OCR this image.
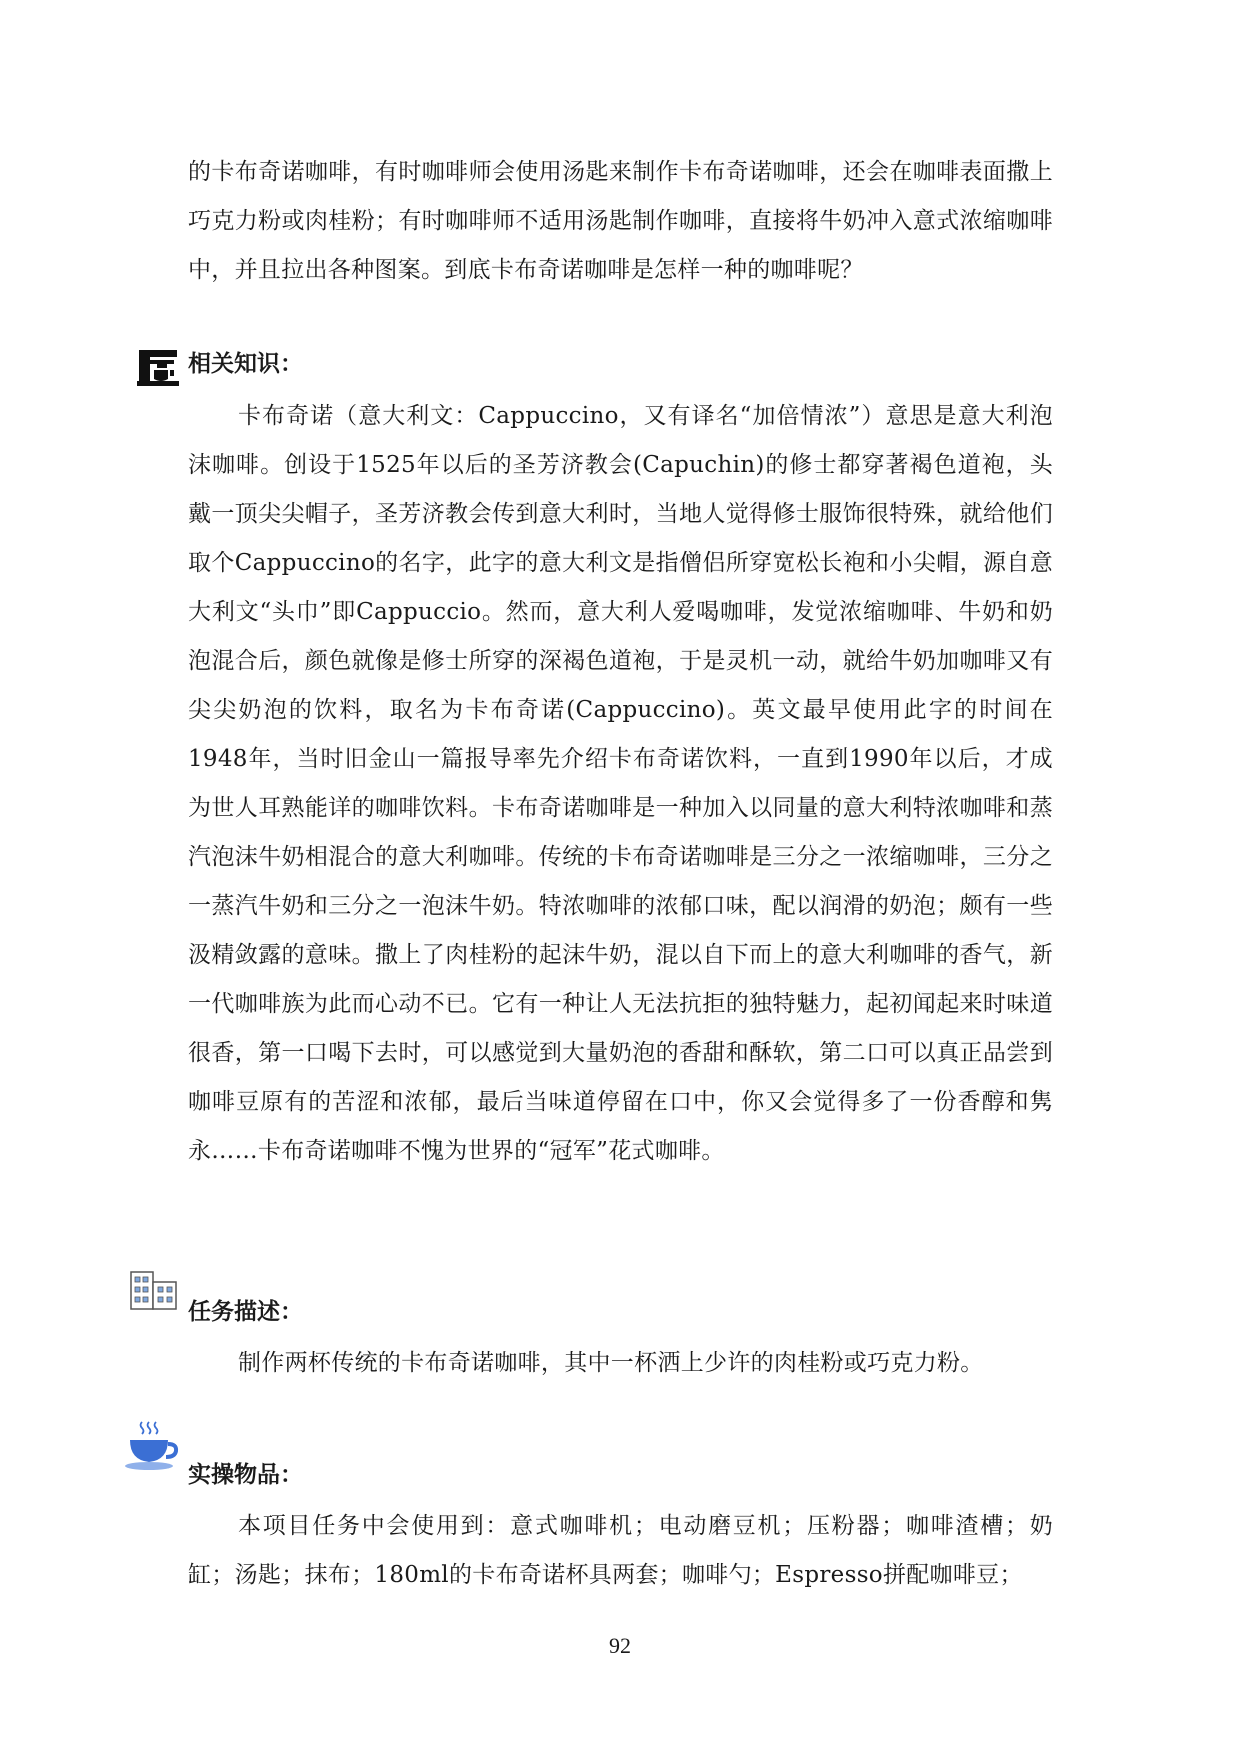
的卡布奇诺咖啡，有时咖啡师会使用汤匙来制作卡布奇诺咖啡，还会在咖啡表面撒上巧克力粉或肉桂粉；有时咖啡师不适用汤匙制作咖啡，直接将牛奶冲入意式浓缩咖啡中，并且拉出各种图案。到底卡布奇诺咖啡是怎样一种的咖啡呢？
相关知识：
卡布奇诺（意大利文：Cappuccino，又有译名“加倍情浓”）意思是意大利泡沫咖啡。创设于1525年以后的圣芳济教会(Capuchin)的修士都穿著褐色道袍，头戴一顶尖尖帽子，圣芳济教会传到意大利时，当地人觉得修士服饰很特殊，就给他们取个Cappuccino的名字，此字的意大利文是指僧侣所穿宽松长袍和小尖帽，源自意大利文“头巾”即Cappuccio。然而，意大利人爱喝咖啡，发觉浓缩咖啡、牛奶和奶泡混合后，颜色就像是修士所穿的深褐色道袍，于是灵机一动，就给牛奶加咖啡又有尖尖奶泡的饮料，取名为卡布奇诺(Cappuccino)。英文最早使用此字的时间在1948年，当时旧金山一篇报导率先介绍卡布奇诺饮料，一直到1990年以后，才成为世人耳熟能详的咖啡饮料。卡布奇诺咖啡是一种加入以同量的意大利特浓咖啡和蒸汽泡沫牛奶相混合的意大利咖啡。传统的卡布奇诺咖啡是三分之一浓缩咖啡，三分之一蒸汽牛奶和三分之一泡沫牛奶。特浓咖啡的浓郁口味，配以润滑的奶泡；颇有一些汲精敛露的意味。撒上了肉桂粉的起沫牛奶，混以自下而上的意大利咖啡的香气，新一代咖啡族为此而心动不已。它有一种让人无法抗拒的独特魅力，起初闻起来时味道很香，第一口喝下去时，可以感觉到大量奶泡的香甜和酥软，第二口可以真正品尝到咖啡豆原有的苦涩和浓郁，最后当味道停留在口中，你又会觉得多了一份香醇和隽永……卡布奇诺咖啡不愧为世界的“冠军”花式咖啡。
任务描述：
制作两杯传统的卡布奇诺咖啡，其中一杯洒上少许的肉桂粉或巧克力粉。
实操物品：
本项目任务中会使用到：意式咖啡机；电动磨豆机；压粉器；咖啡渣槽；奶缸；汤匙；抹布；180ml的卡布奇诺杯具两套；咖啡勺；Espresso拼配咖啡豆；
92
